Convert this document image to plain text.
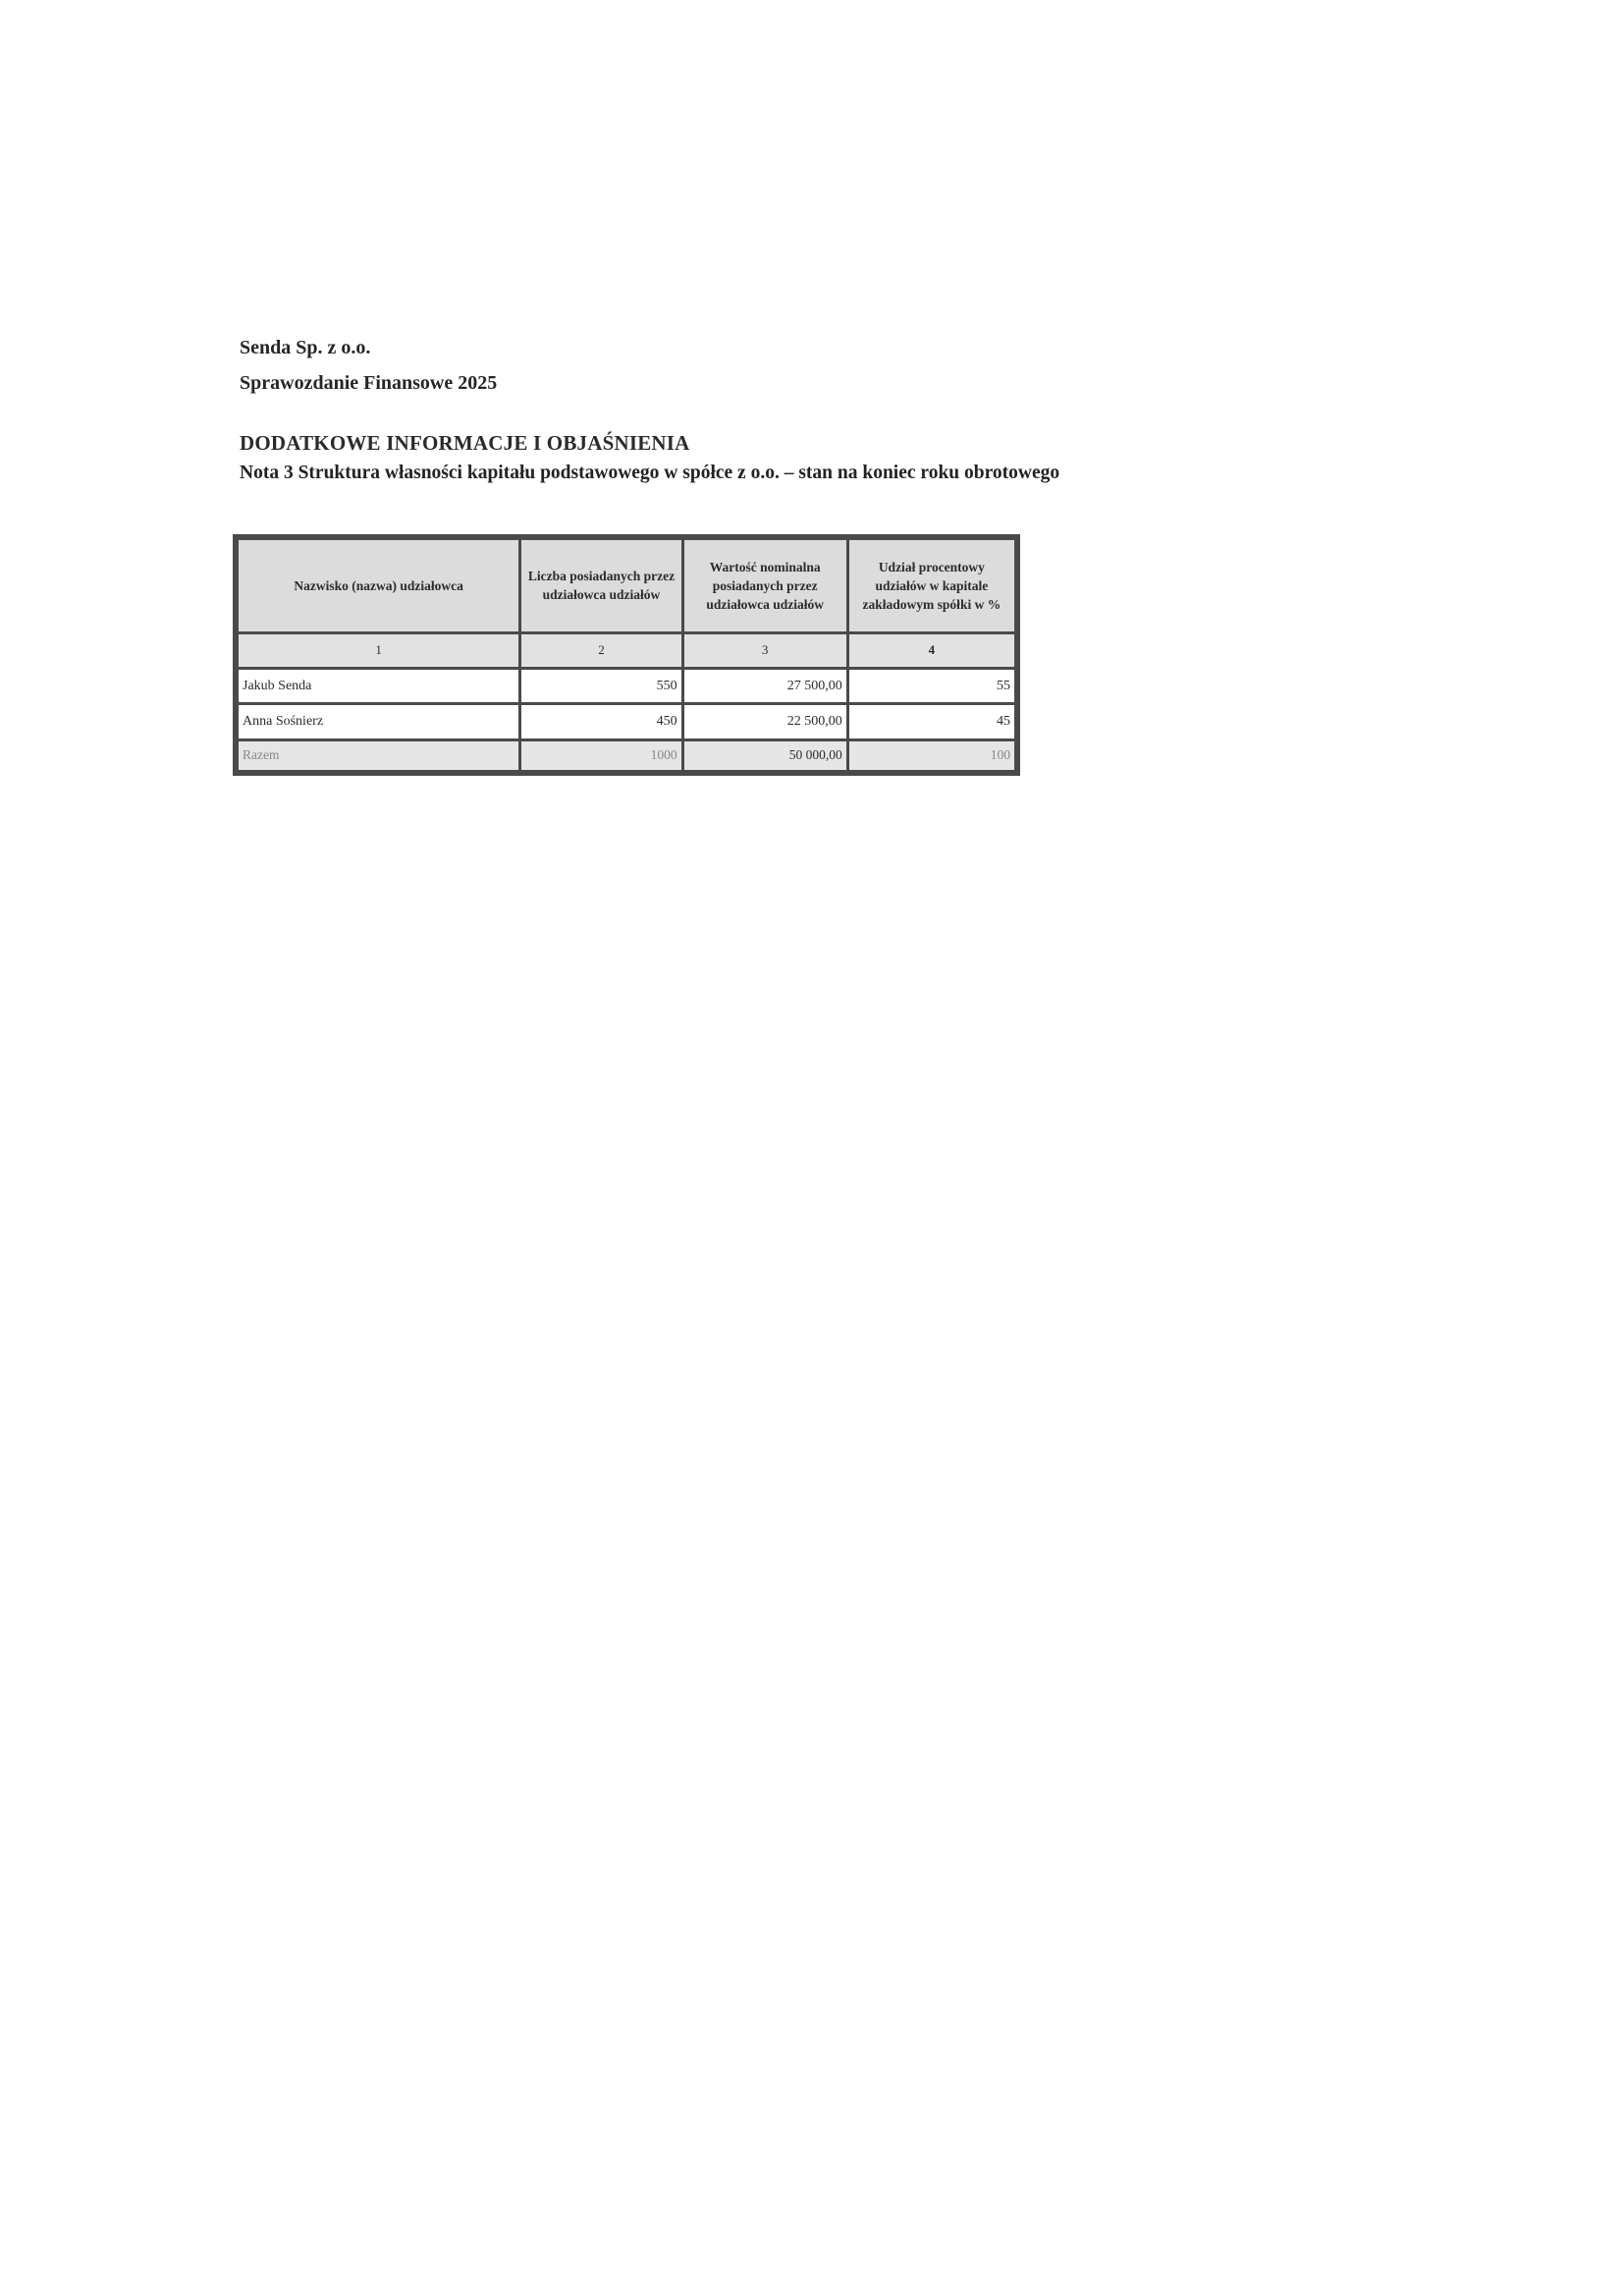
Senda Sp. z o.o.
Sprawozdanie Finansowe 2025
DODATKOWE INFORMACJE I OBJAŚNIENIA
Nota 3 Struktura własności kapitału podstawowego w spółce z o.o. – stan na koniec roku obrotowego
Nazwisko (nazwa) udziałowca	Liczba posiadanych przez udziałowca udziałów	Wartość nominalna posiadanych przez udziałowca udziałów	Udział procentowy udziałów w kapitale zakładowym spółki w %
1	2	3	4
Jakub Senda	550	27 500,00	55
Anna Sośnierz	450	22 500,00	45
Razem	1000	50 000,00	100
